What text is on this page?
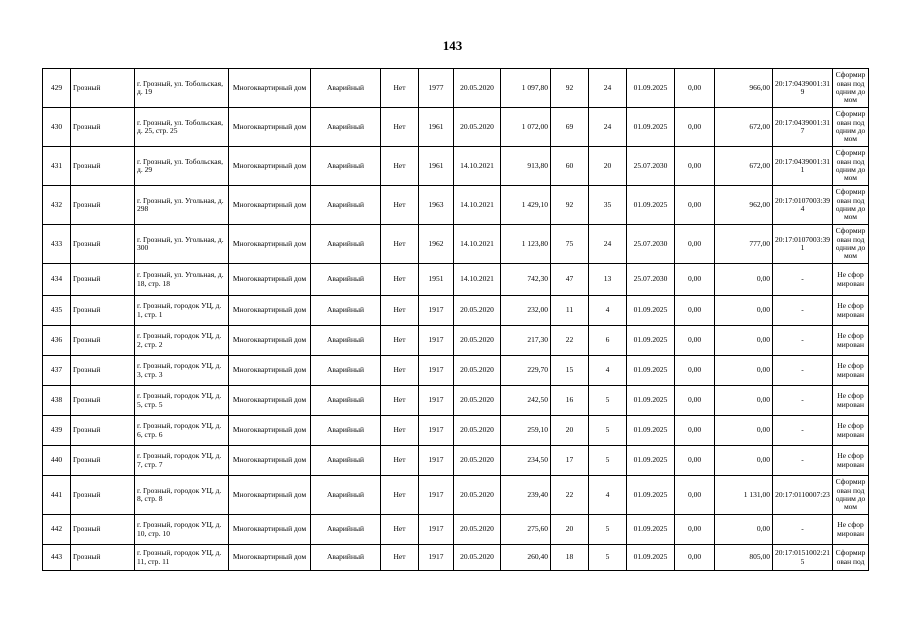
143
429	Грозный	г. Грозный, ул. Тобольская, д. 19	Многоквартирный дом	Аварийный	Нет	1977	20.05.2020	1 097,80	92	24	01.09.2025	0,00	966,00	20:17:0439001:319	Сформирован под одним домом
430	Грозный	г. Грозный, ул. Тобольская, д. 25, стр. 25	Многоквартирный дом	Аварийный	Нет	1961	20.05.2020	1 072,00	69	24	01.09.2025	0,00	672,00	20:17:0439001:317	Сформирован под одним домом
431	Грозный	г. Грозный, ул. Тобольская, д. 29	Многоквартирный дом	Аварийный	Нет	1961	14.10.2021	913,80	60	20	25.07.2030	0,00	672,00	20:17:0439001:311	Сформирован под одним домом
432	Грозный	г. Грозный, ул. Угольная, д. 298	Многоквартирный дом	Аварийный	Нет	1963	14.10.2021	1 429,10	92	35	01.09.2025	0,00	962,00	20:17:0107003:394	Сформирован под одним домом
433	Грозный	г. Грозный, ул. Угольная, д. 300	Многоквартирный дом	Аварийный	Нет	1962	14.10.2021	1 123,80	75	24	25.07.2030	0,00	777,00	20:17:0107003:391	Сформирован под одним домом
434	Грозный	г. Грозный, ул. Угольная, д. 18, стр. 18	Многоквартирный дом	Аварийный	Нет	1951	14.10.2021	742,30	47	13	25.07.2030	0,00	0,00	-	Не сформирован
435	Грозный	г. Грозный, городок УЦ, д. 1, стр. 1	Многоквартирный дом	Аварийный	Нет	1917	20.05.2020	232,00	11	4	01.09.2025	0,00	0,00	-	Не сформирован
436	Грозный	г. Грозный, городок УЦ, д. 2, стр. 2	Многоквартирный дом	Аварийный	Нет	1917	20.05.2020	217,30	22	6	01.09.2025	0,00	0,00	-	Не сформирован
437	Грозный	г. Грозный, городок УЦ, д. 3, стр. 3	Многоквартирный дом	Аварийный	Нет	1917	20.05.2020	229,70	15	4	01.09.2025	0,00	0,00	-	Не сформирован
438	Грозный	г. Грозный, городок УЦ, д. 5, стр. 5	Многоквартирный дом	Аварийный	Нет	1917	20.05.2020	242,50	16	5	01.09.2025	0,00	0,00	-	Не сформирован
439	Грозный	г. Грозный, городок УЦ, д. 6, стр. 6	Многоквартирный дом	Аварийный	Нет	1917	20.05.2020	259,10	20	5	01.09.2025	0,00	0,00	-	Не сформирован
440	Грозный	г. Грозный, городок УЦ, д. 7, стр. 7	Многоквартирный дом	Аварийный	Нет	1917	20.05.2020	234,50	17	5	01.09.2025	0,00	0,00	-	Не сформирован
441	Грозный	г. Грозный, городок УЦ, д. 8, стр. 8	Многоквартирный дом	Аварийный	Нет	1917	20.05.2020	239,40	22	4	01.09.2025	0,00	1 131,00	20:17:0110007:23	Сформирован под одним домом
442	Грозный	г. Грозный, городок УЦ, д. 10, стр. 10	Многоквартирный дом	Аварийный	Нет	1917	20.05.2020	275,60	20	5	01.09.2025	0,00	0,00	-	Не сформирован
443	Грозный	г. Грозный, городок УЦ, д. 11, стр. 11	Многоквартирный дом	Аварийный	Нет	1917	20.05.2020	260,40	18	5	01.09.2025	0,00	805,00	20:17:0151002:215	Сформирован под
